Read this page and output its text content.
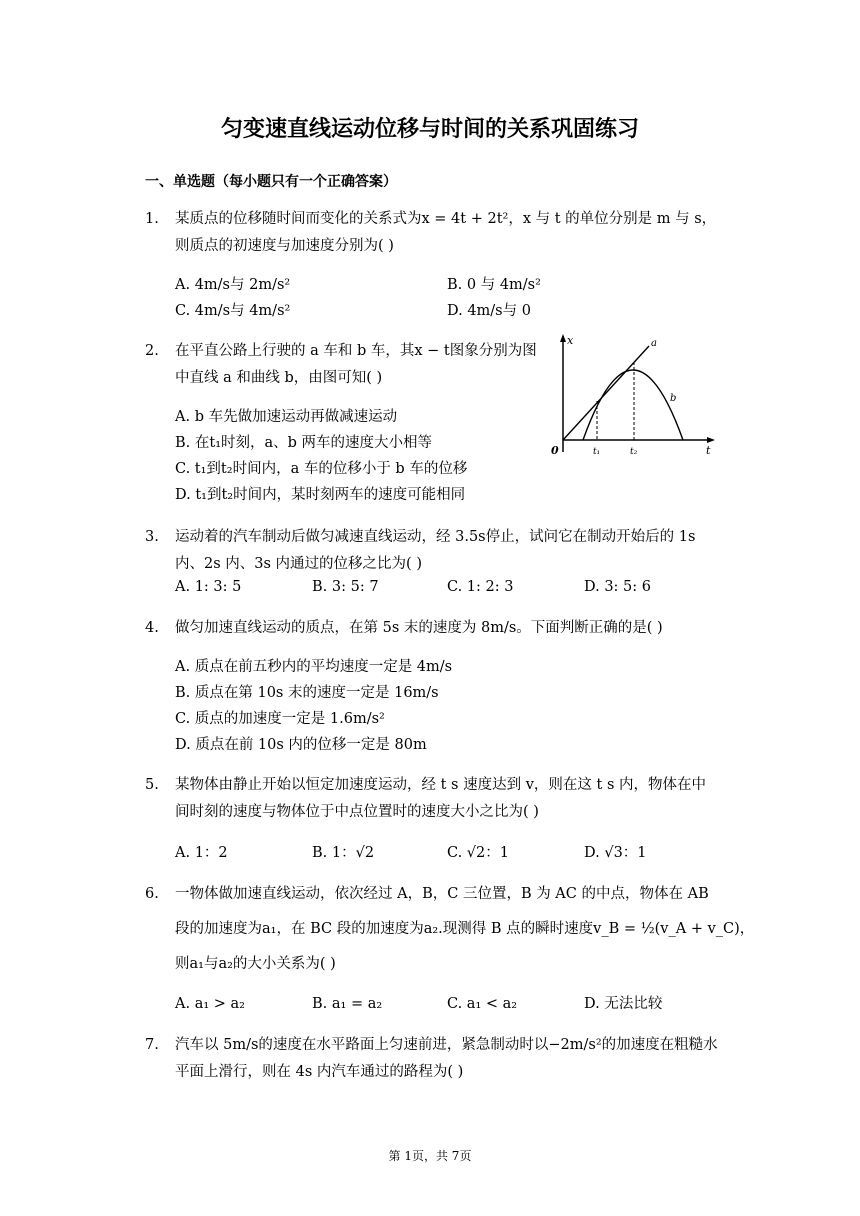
匀变速直线运动位移与时间的关系巩固练习
一、单选题（每小题只有一个正确答案）
1.	某质点的位移随时间而变化的关系式为x = 4t + 2t²，x 与 t 的单位分别是 m 与 s，则质点的初速度与加速度分别为( )
A. 4m/s与 2m/s²	B. 0 与 4m/s²
C. 4m/s与 4m/s²	D. 4m/s与 0
2.	在平直公路上行驶的 a 车和 b 车，其x − t图象分别为图中直线 a 和曲线 b，由图可知( )
A. b 车先做加速运动再做减速运动
B. 在t₁时刻，a、b 两车的速度大小相等
C. t₁到t₂时间内，a 车的位移小于 b 车的位移
D. t₁到t₂时间内，某时刻两车的速度可能相同
x
t
0	t₁	t₂
a
b
3.	运动着的汽车制动后做匀减速直线运动，经 3.5s停止，试问它在制动开始后的 1s 内、2s 内、3s 内通过的位移之比为( )
A. 1: 3: 5	B. 3: 5: 7	C. 1: 2: 3	D. 3: 5: 6
4.	做匀加速直线运动的质点，在第 5s 末的速度为 8m/s。下面判断正确的是( )
A. 质点在前五秒内的平均速度一定是 4m/s
B. 质点在第 10s 末的速度一定是 16m/s
C. 质点的加速度一定是 1.6m/s²
D. 质点在前 10s 内的位移一定是 80m
5.	某物体由静止开始以恒定加速度运动，经 t s 速度达到 v，则在这 t s 内，物体在中间时刻的速度与物体位于中点位置时的速度大小之比为( )
A. 1：2	B. 1：√2	C. √2：1	D. √3：1
6.	一物体做加速直线运动，依次经过 A，B，C 三位置，B 为 AC 的中点，物体在 AB
段的加速度为a₁，在 BC 段的加速度为a₂.现测得 B 点的瞬时速度v_B = ½(v_A + v_C)，
则a₁与a₂的大小关系为( )
A. a₁ > a₂	B. a₁ = a₂	C. a₁ < a₂	D. 无法比较
7.	汽车以 5m/s的速度在水平路面上匀速前进，紧急制动时以−2m/s²的加速度在粗糙水平面上滑行，则在 4s 内汽车通过的路程为( )
第 1页，共 7页
